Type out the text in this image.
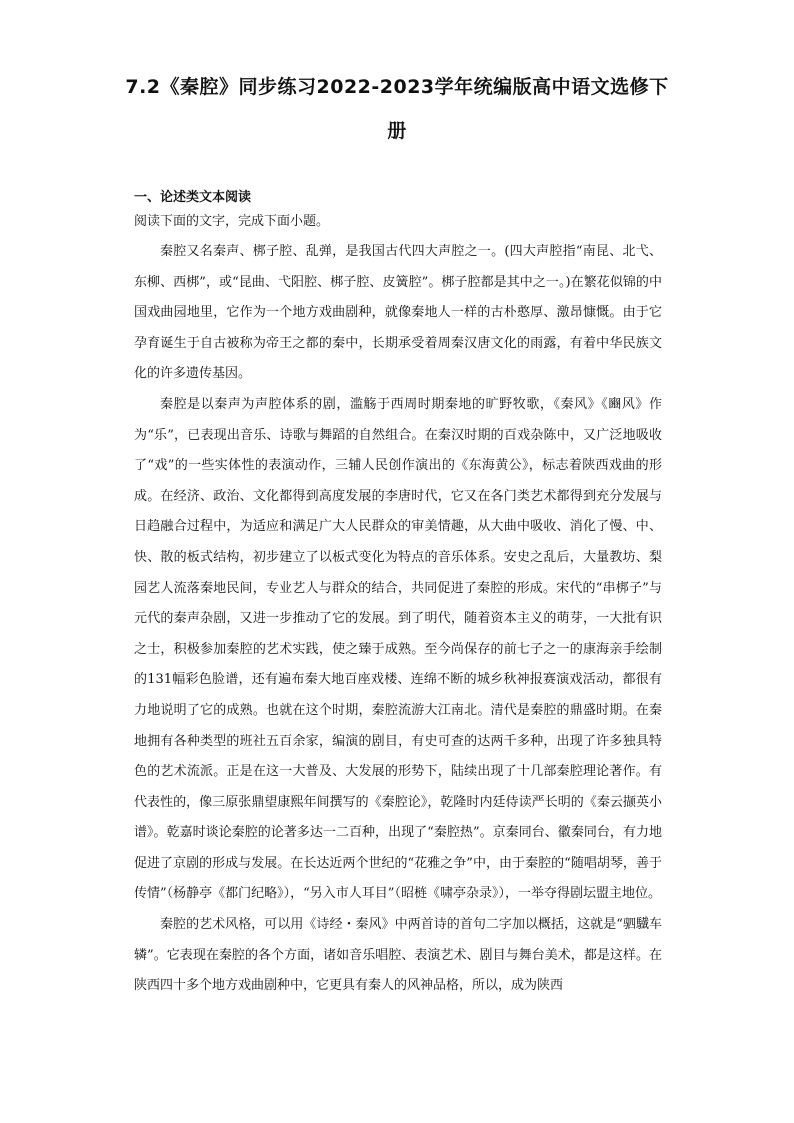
7.2《秦腔》同步练习2022-2023学年统编版高中语文选修下
册
一、论述类文本阅读

阅读下面的文字，完成下面小题。

秦腔又名秦声、梆子腔、乱弹，是我国古代四大声腔之一。(四大声腔指“南昆、北弋、东柳、西梆”，或“昆曲、弋阳腔、梆子腔、皮簧腔”。梆子腔都是其中之一。)在繁花似锦的中国戏曲园地里，它作为一个地方戏曲剧种，就像秦地人一样的古朴憨厚、激昂慷慨。由于它孕育诞生于自古被称为帝王之都的秦中，长期承受着周秦汉唐文化的雨露，有着中华民族文化的许多遗传基因。

秦腔是以秦声为声腔体系的剧，滥觞于西周时期秦地的旷野牧歌，《秦风》《豳风》作为“乐”，已表现出音乐、诗歌与舞蹈的自然组合。在秦汉时期的百戏杂陈中，又广泛地吸收了“戏”的一些实体性的表演动作，三辅人民创作演出的《东海黄公》，标志着陕西戏曲的形成。在经济、政治、文化都得到高度发展的李唐时代，它又在各门类艺术都得到充分发展与日趋融合过程中，为适应和满足广大人民群众的审美情趣，从大曲中吸收、消化了慢、中、快、散的板式结构，初步建立了以板式变化为特点的音乐体系。安史之乱后，大量教坊、梨园艺人流落秦地民间，专业艺人与群众的结合，共同促进了秦腔的形成。宋代的“串梆子”与元代的秦声杂剧，又进一步推动了它的发展。到了明代，随着资本主义的萌芽，一大批有识之士，积极参加秦腔的艺术实践，使之臻于成熟。至今尚保存的前七子之一的康海亲手绘制的131幅彩色脸谱，还有遍布秦大地百座戏楼、连绵不断的城乡秋神报赛演戏活动，都很有力地说明了它的成熟。也就在这个时期，秦腔流游大江南北。清代是秦腔的鼎盛时期。在秦地拥有各种类型的班社五百余家，编演的剧目，有史可查的达两千多种，出现了许多独具特色的艺术流派。正是在这一大普及、大发展的形势下，陆续出现了十几部秦腔理论著作。有代表性的，像三原张鼎望康熙年间撰写的《秦腔论》，乾隆时内廷侍读严长明的《秦云撷英小谱》。乾嘉时谈论秦腔的论著多达一二百种，出现了“秦腔热”。京秦同台、徽秦同台，有力地促进了京剧的形成与发展。在长达近两个世纪的“花雅之争”中，由于秦腔的“随唱胡琴，善于传情”（杨静亭《都门纪略》），“另入市人耳目”（昭梿《啸亭杂录》），一举夺得剧坛盟主地位。

秦腔的艺术风格，可以用《诗经・秦风》中两首诗的首句二字加以概括，这就是“驷驖车辚”。它表现在秦腔的各个方面，诸如音乐唱腔、表演艺术、剧目与舞台美术，都是这样。在陕西四十多个地方戏曲剧种中，它更具有秦人的风神品格，所以，成为陕西
